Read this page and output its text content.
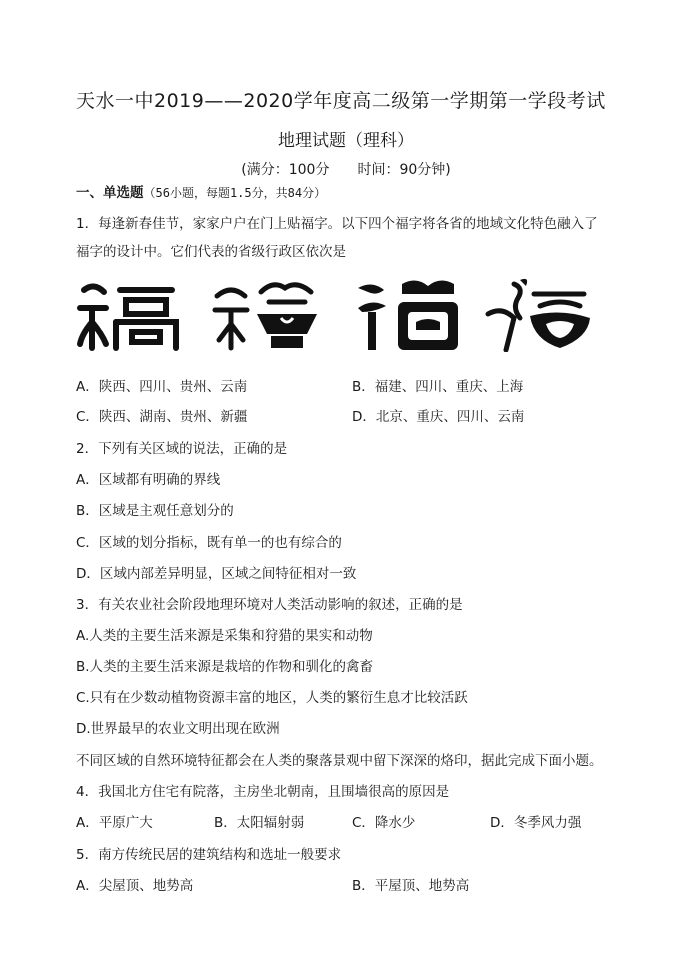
天水一中2019——2020学年度高二级第一学期第一学段考试
地理试题（理科）
(满分：100分　　时间：90分钟)
一、单选题（56小题，每题1.5分，共84分）
1．每逢新春佳节，家家户户在门上贴福字。以下四个福字将各省的地域文化特色融入了
福字的设计中。它们代表的省级行政区依次是
A．陕西、四川、贵州、云南	B．福建、四川、重庆、上海
C．陕西、湖南、贵州、新疆	D．北京、重庆、四川、云南
2．下列有关区域的说法，正确的是
A．区域都有明确的界线
B．区域是主观任意划分的
C．区域的划分指标，既有单一的也有综合的
D．区域内部差异明显，区域之间特征相对一致
3．有关农业社会阶段地理环境对人类活动影响的叙述，正确的是
A.人类的主要生活来源是采集和狩猎的果实和动物
B.人类的主要生活来源是栽培的作物和驯化的禽畜
C.只有在少数动植物资源丰富的地区，人类的繁衍生息才比较活跃
D.世界最早的农业文明出现在欧洲
不同区域的自然环境特征都会在人类的聚落景观中留下深深的烙印，据此完成下面小题。
4．我国北方住宅有院落，主房坐北朝南，且围墙很高的原因是
A．平原广大	B．太阳辐射弱	C．降水少	D．冬季风力强
5．南方传统民居的建筑结构和选址一般要求
A．尖屋顶、地势高	B．平屋顶、地势高
